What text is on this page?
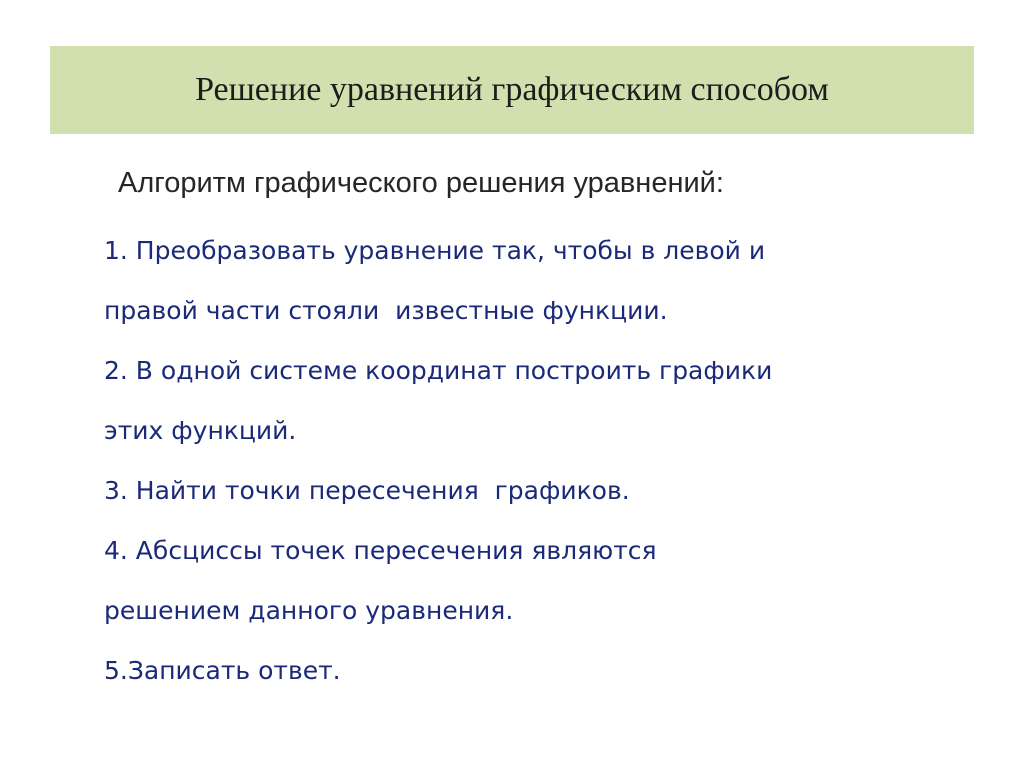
Решение уравнений графическим способом
Алгоритм графического решения уравнений:
1. Преобразовать уравнение так, чтобы в левой и
правой части стояли  известные функции.
2. В одной системе координат построить графики
этих функций.
3. Найти точки пересечения  графиков.
4. Абсциссы точек пересечения являются
решением данного уравнения.
5.Записать ответ.
